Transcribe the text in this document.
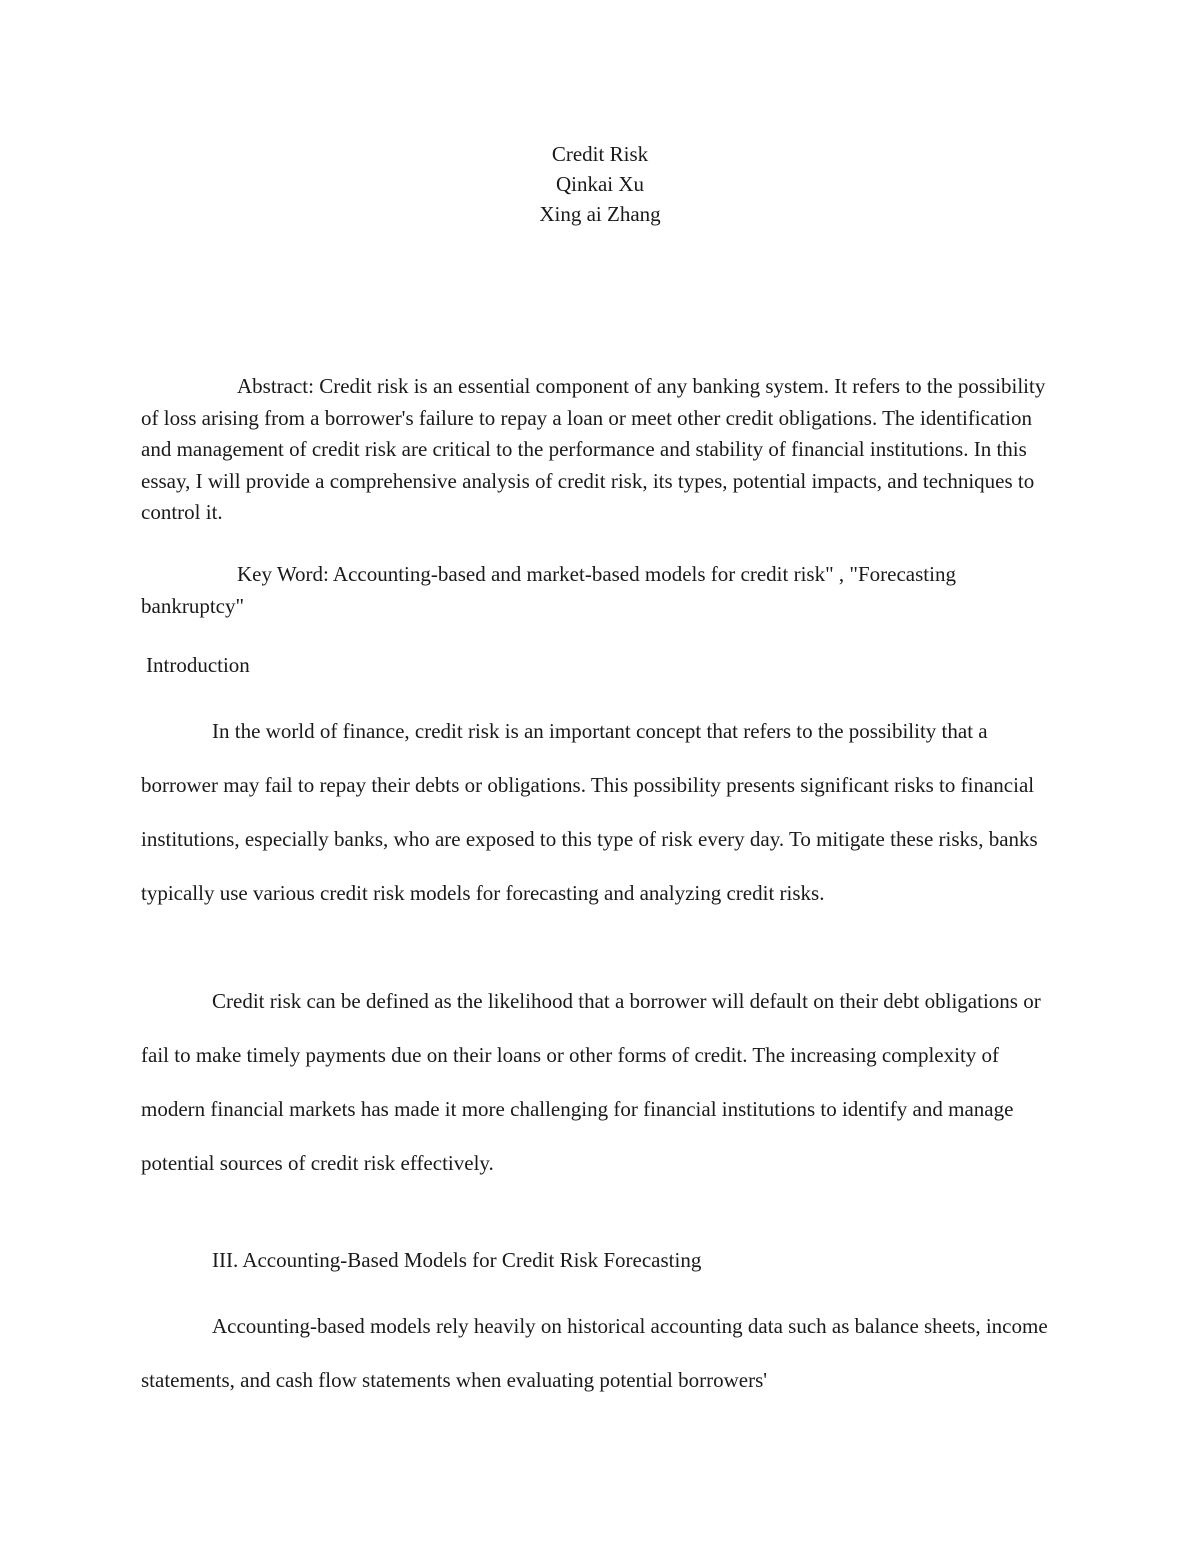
Credit Risk
Qinkai Xu
Xing ai Zhang

Abstract: Credit risk is an essential component of any banking system. It refers to the possibility of loss arising from a borrower's failure to repay a loan or meet other credit obligations. The identification and management of credit risk are critical to the performance and stability of financial institutions. In this essay, I will provide a comprehensive analysis of credit risk, its types, potential impacts, and techniques to control it.

Key Word: Accounting-based and market-based models for credit risk" , "Forecasting bankruptcy"

Introduction

In the world of finance, credit risk is an important concept that refers to the possibility that a borrower may fail to repay their debts or obligations. This possibility presents significant risks to financial institutions, especially banks, who are exposed to this type of risk every day. To mitigate these risks, banks typically use various credit risk models for forecasting and analyzing credit risks.

Credit risk can be defined as the likelihood that a borrower will default on their debt obligations or fail to make timely payments due on their loans or other forms of credit. The increasing complexity of modern financial markets has made it more challenging for financial institutions to identify and manage potential sources of credit risk effectively.

III. Accounting-Based Models for Credit Risk Forecasting

Accounting-based models rely heavily on historical accounting data such as balance sheets, income statements, and cash flow statements when evaluating potential borrowers'
